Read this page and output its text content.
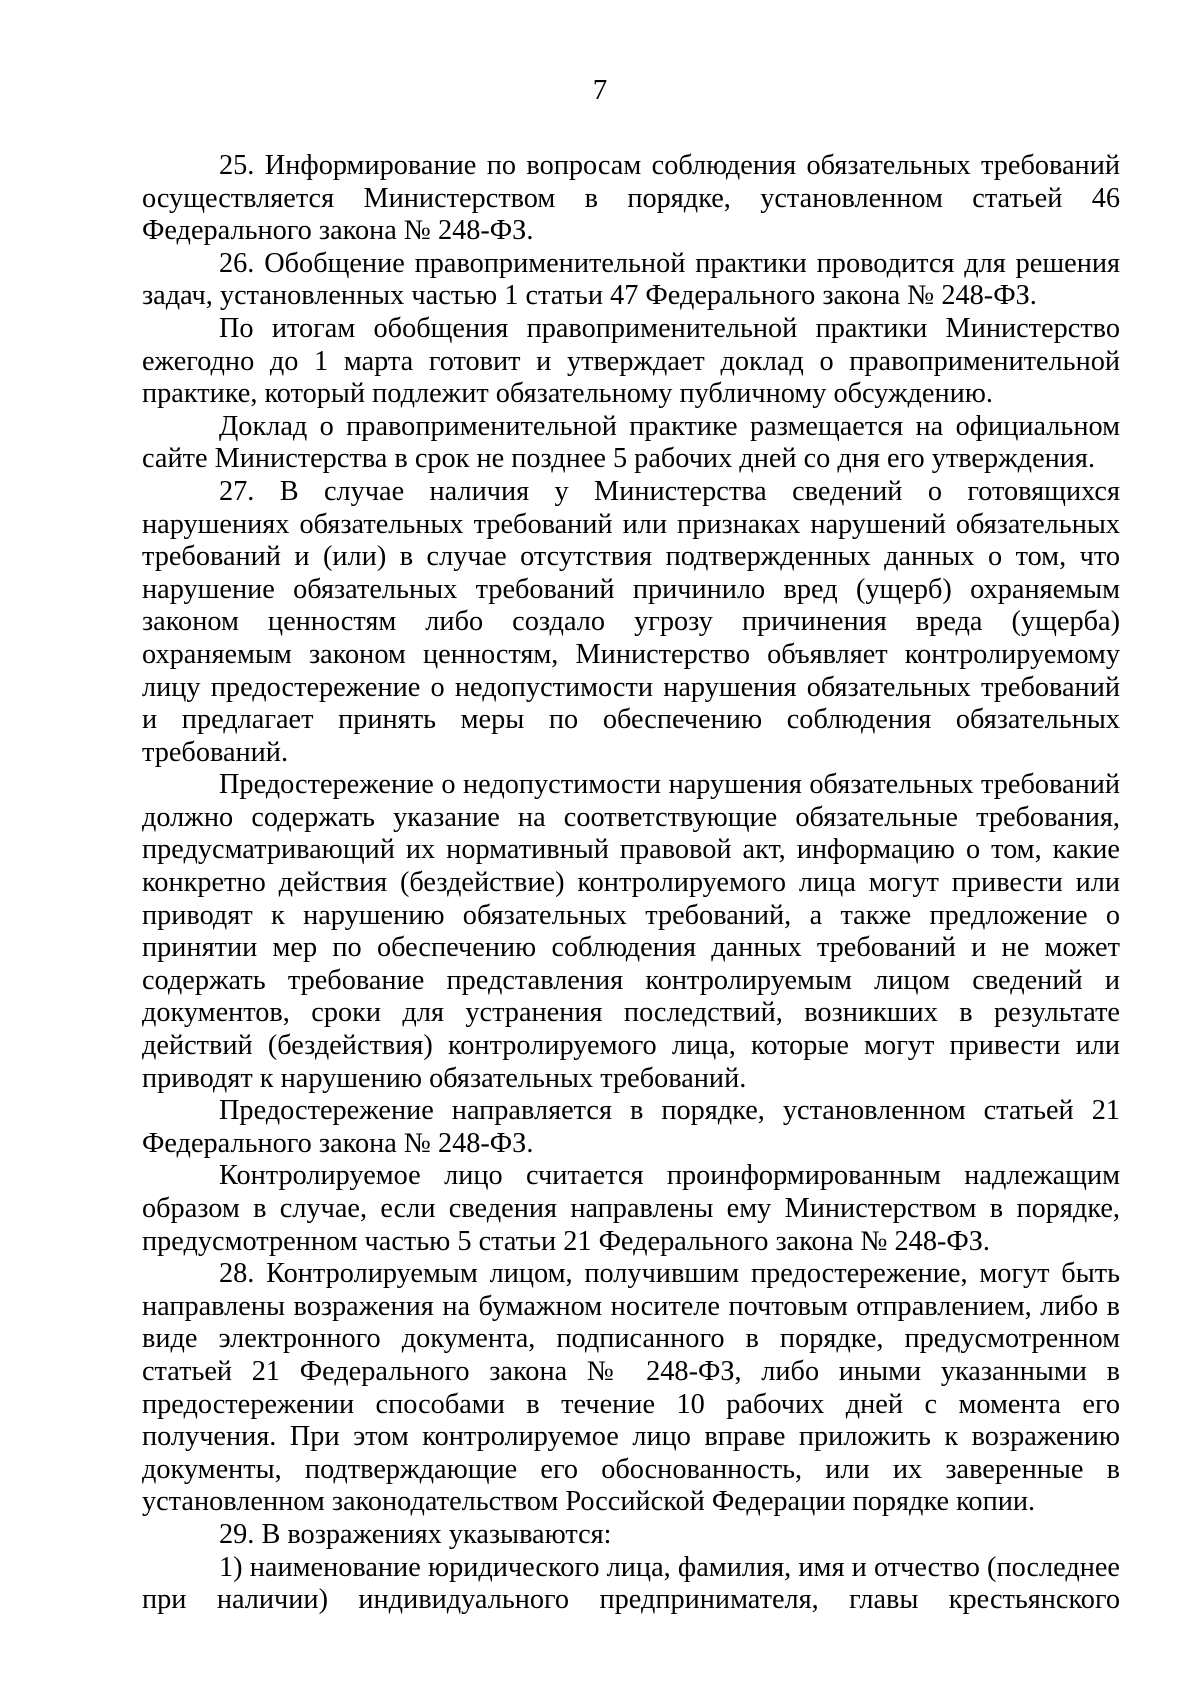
7

25. Информирование по вопросам соблюдения обязательных требований осуществляется Министерством в порядке, установленном статьей 46 Федерального закона № 248-ФЗ.

26. Обобщение правоприменительной практики проводится для решения задач, установленных частью 1 статьи 47 Федерального закона № 248-ФЗ.

По итогам обобщения правоприменительной практики Министерство ежегодно до 1 марта готовит и утверждает доклад о правоприменительной практике, который подлежит обязательному публичному обсуждению.

Доклад о правоприменительной практике размещается на официальном сайте Министерства в срок не позднее 5 рабочих дней со дня его утверждения.

27. В случае наличия у Министерства сведений о готовящихся нарушениях обязательных требований или признаках нарушений обязательных требований и (или) в случае отсутствия подтвержденных данных о том, что нарушение обязательных требований причинило вред (ущерб) охраняемым законом ценностям либо создало угрозу причинения вреда (ущерба) охраняемым законом ценностям, Министерство объявляет контролируемому лицу предостережение о недопустимости нарушения обязательных требований и предлагает принять меры по обеспечению соблюдения обязательных требований.

Предостережение о недопустимости нарушения обязательных требований должно содержать указание на соответствующие обязательные требования, предусматривающий их нормативный правовой акт, информацию о том, какие конкретно действия (бездействие) контролируемого лица могут привести или приводят к нарушению обязательных требований, а также предложение о принятии мер по обеспечению соблюдения данных требований и не может содержать требование представления контролируемым лицом сведений и документов, сроки для устранения последствий, возникших в результате действий (бездействия) контролируемого лица, которые могут привести или приводят к нарушению обязательных требований.

Предостережение направляется в порядке, установленном статьей 21 Федерального закона № 248-ФЗ.

Контролируемое лицо считается проинформированным надлежащим образом в случае, если сведения направлены ему Министерством в порядке, предусмотренном частью 5 статьи 21 Федерального закона № 248-ФЗ.

28. Контролируемым лицом, получившим предостережение, могут быть направлены возражения на бумажном носителе почтовым отправлением, либо в виде электронного документа, подписанного в порядке, предусмотренном статьей 21 Федерального закона № 248-ФЗ, либо иными указанными в предостережении способами в течение 10 рабочих дней с момента его получения. При этом контролируемое лицо вправе приложить к возражению документы, подтверждающие его обоснованность, или их заверенные в установленном законодательством Российской Федерации порядке копии.

29. В возражениях указываются:

1) наименование юридического лица, фамилия, имя и отчество (последнее при наличии) индивидуального предпринимателя, главы крестьянского
